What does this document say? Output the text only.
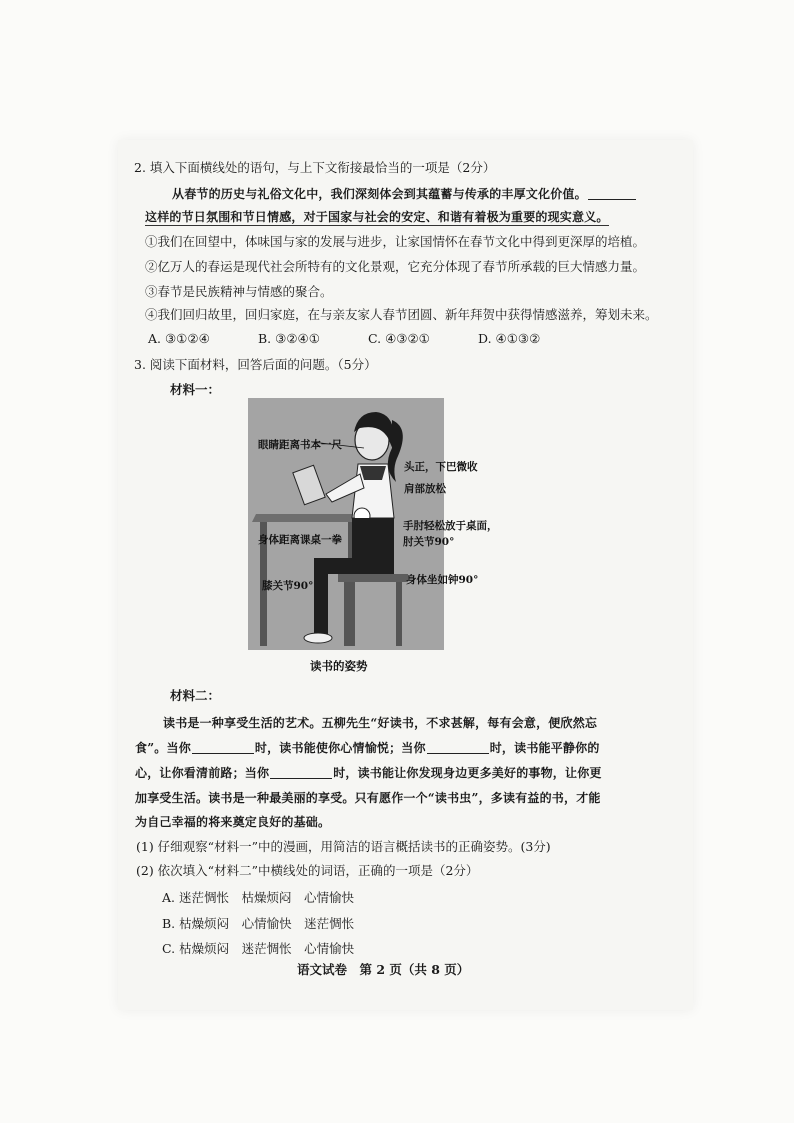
2. 填入下面横线处的语句，与上下文衔接最恰当的一项是（2分）
从春节的历史与礼俗文化中，我们深刻体会到其蕴蓄与传承的丰厚文化价值。
这样的节日氛围和节日情感，对于国家与社会的安定、和谐有着极为重要的现实意义。
①我们在回望中，体味国与家的发展与进步，让家国情怀在春节文化中得到更深厚的培植。
②亿万人的春运是现代社会所特有的文化景观，它充分体现了春节所承载的巨大情感力量。
③春节是民族精神与情感的聚合。
④我们回归故里，回归家庭，在与亲友家人春节团圆、新年拜贺中获得情感滋养，筹划未来。
A. ③①②④	B. ③②④①	C. ④③②①	D. ④①③②
3. 阅读下面材料，回答后面的问题。（5分）
材料一：
眼睛距离书本一尺
头正，下巴微收
肩部放松
手肘轻松放于桌面，
肘关节90°
身体距离课桌一拳
身体坐如钟90°
膝关节90°
读书的姿势
材料二：
读书是一种享受生活的艺术。五柳先生“好读书，不求甚解，每有会意，便欣然忘
食”。当你	时，读书能使你心情愉悦；当你	时，读书能平静你的
心，让你看清前路；当你	时，读书能让你发现身边更多美好的事物，让你更
加享受生活。读书是一种最美丽的享受。只有愿作一个“读书虫”，多读有益的书，才能
为自己幸福的将来奠定良好的基础。
(1) 仔细观察“材料一”中的漫画，用简洁的语言概括读书的正确姿势。(3分)
(2) 依次填入“材料二”中横线处的词语，正确的一项是（2分）
A. 迷茫惆怅　枯燥烦闷　心情愉快
B. 枯燥烦闷　心情愉快　迷茫惆怅
C. 枯燥烦闷　迷茫惆怅　心情愉快
语文试卷　第 2 页（共 8 页）
